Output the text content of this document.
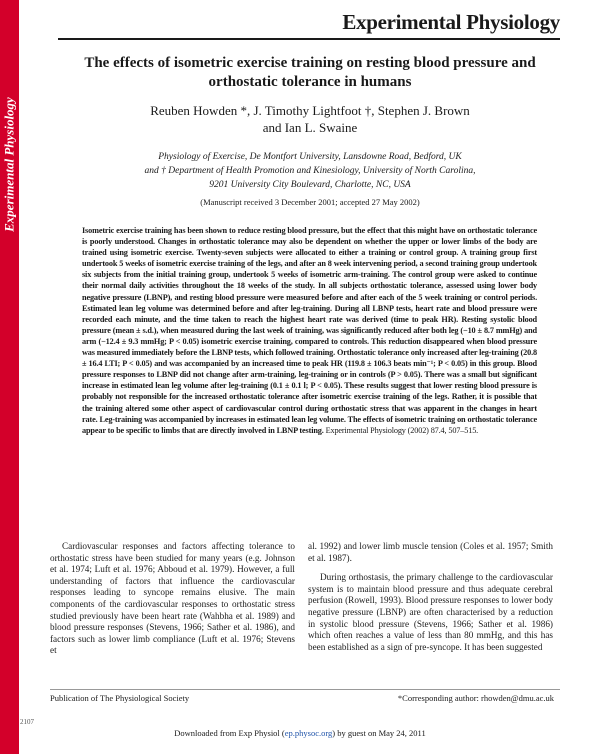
Experimental Physiology
Experimental Physiology
The effects of isometric exercise training on resting blood pressure and orthostatic tolerance in humans
Reuben Howden *, J. Timothy Lightfoot †, Stephen J. Brown
and Ian L. Swaine
Physiology of Exercise, De Montfort University, Lansdowne Road, Bedford, UK
and † Department of Health Promotion and Kinesiology, University of North Carolina,
9201 University City Boulevard, Charlotte, NC, USA
(Manuscript received 3 December 2001; accepted 27 May 2002)
Isometric exercise training has been shown to reduce resting blood pressure, but the effect that this might have on orthostatic tolerance is poorly understood. Changes in orthostatic tolerance may also be dependent on whether the upper or lower limbs of the body are trained using isometric exercise. Twenty-seven subjects were allocated to either a training or control group. A training group first undertook 5 weeks of isometric exercise training of the legs, and after an 8 week intervening period, a second training group undertook six subjects from the initial training group, undertook 5 weeks of isometric arm-training. The control group were asked to continue their normal daily activities throughout the 18 weeks of the study. In all subjects orthostatic tolerance, assessed using lower body negative pressure (LBNP), and resting blood pressure were measured before and after each of the 5 week training or control periods. Estimated lean leg volume was determined before and after leg-training. During all LBNP tests, heart rate and blood pressure were recorded each minute, and the time taken to reach the highest heart rate was derived (time to peak HR). Resting systolic blood pressure (mean ± s.d.), when measured during the last week of training, was significantly reduced after both leg (−10 ± 8.7 mmHg) and arm (−12.4 ± 9.3 mmHg; P < 0.05) isometric exercise training, compared to controls. This reduction disappeared when blood pressure was measured immediately before the LBNP tests, which followed training. Orthostatic tolerance only increased after leg-training (20.8 ± 16.4 LTI; P < 0.05) and was accompanied by an increased time to peak HR (119.8 ± 106.3 beats min⁻¹; P < 0.05) in this group. Blood pressure responses to LBNP did not change after arm-training, leg-training or in controls (P > 0.05). There was a small but significant increase in estimated lean leg volume after leg-training (0.1 ± 0.1 l; P < 0.05). These results suggest that lower resting blood pressure is probably not responsible for the increased orthostatic tolerance after isometric exercise training of the legs. Rather, it is possible that the training altered some other aspect of cardiovascular control during orthostatic stress that was apparent in the changes in heart rate. Leg-training was accompanied by increases in estimated lean leg volume. The effects of isometric training on orthostatic tolerance appear to be specific to limbs that are directly involved in LBNP testing. Experimental Physiology (2002) 87.4, 507–515.
Cardiovascular responses and factors affecting tolerance to orthostatic stress have been studied for many years (e.g. Johnson et al. 1974; Luft et al. 1976; Abboud et al. 1979). However, a full understanding of factors that influence the cardiovascular responses leading to syncope remains elusive. The main components of the cardiovascular responses to orthostatic stress studied previously have been heart rate (Wahbha et al. 1989) and blood pressure responses (Stevens, 1966; Sather et al. 1986), and factors such as lower limb compliance (Luft et al. 1976; Stevens et

al. 1992) and lower limb muscle tension (Coles et al. 1957; Smith et al. 1987).

During orthostasis, the primary challenge to the cardiovascular system is to maintain blood pressure and thus adequate cerebral perfusion (Rowell, 1993). Blood pressure responses to lower body negative pressure (LBNP) are often characterised by a reduction in systolic blood pressure (Stevens, 1966; Sather et al. 1986) which often reaches a value of less than 80 mmHg, and this has been established as a sign of pre-syncope. It has been suggested

Publication of The Physiological Society	*Corresponding author: rhowden@dmu.ac.uk
2107
Downloaded from Exp Physiol (ep.physoc.org) by guest on May 24, 2011
